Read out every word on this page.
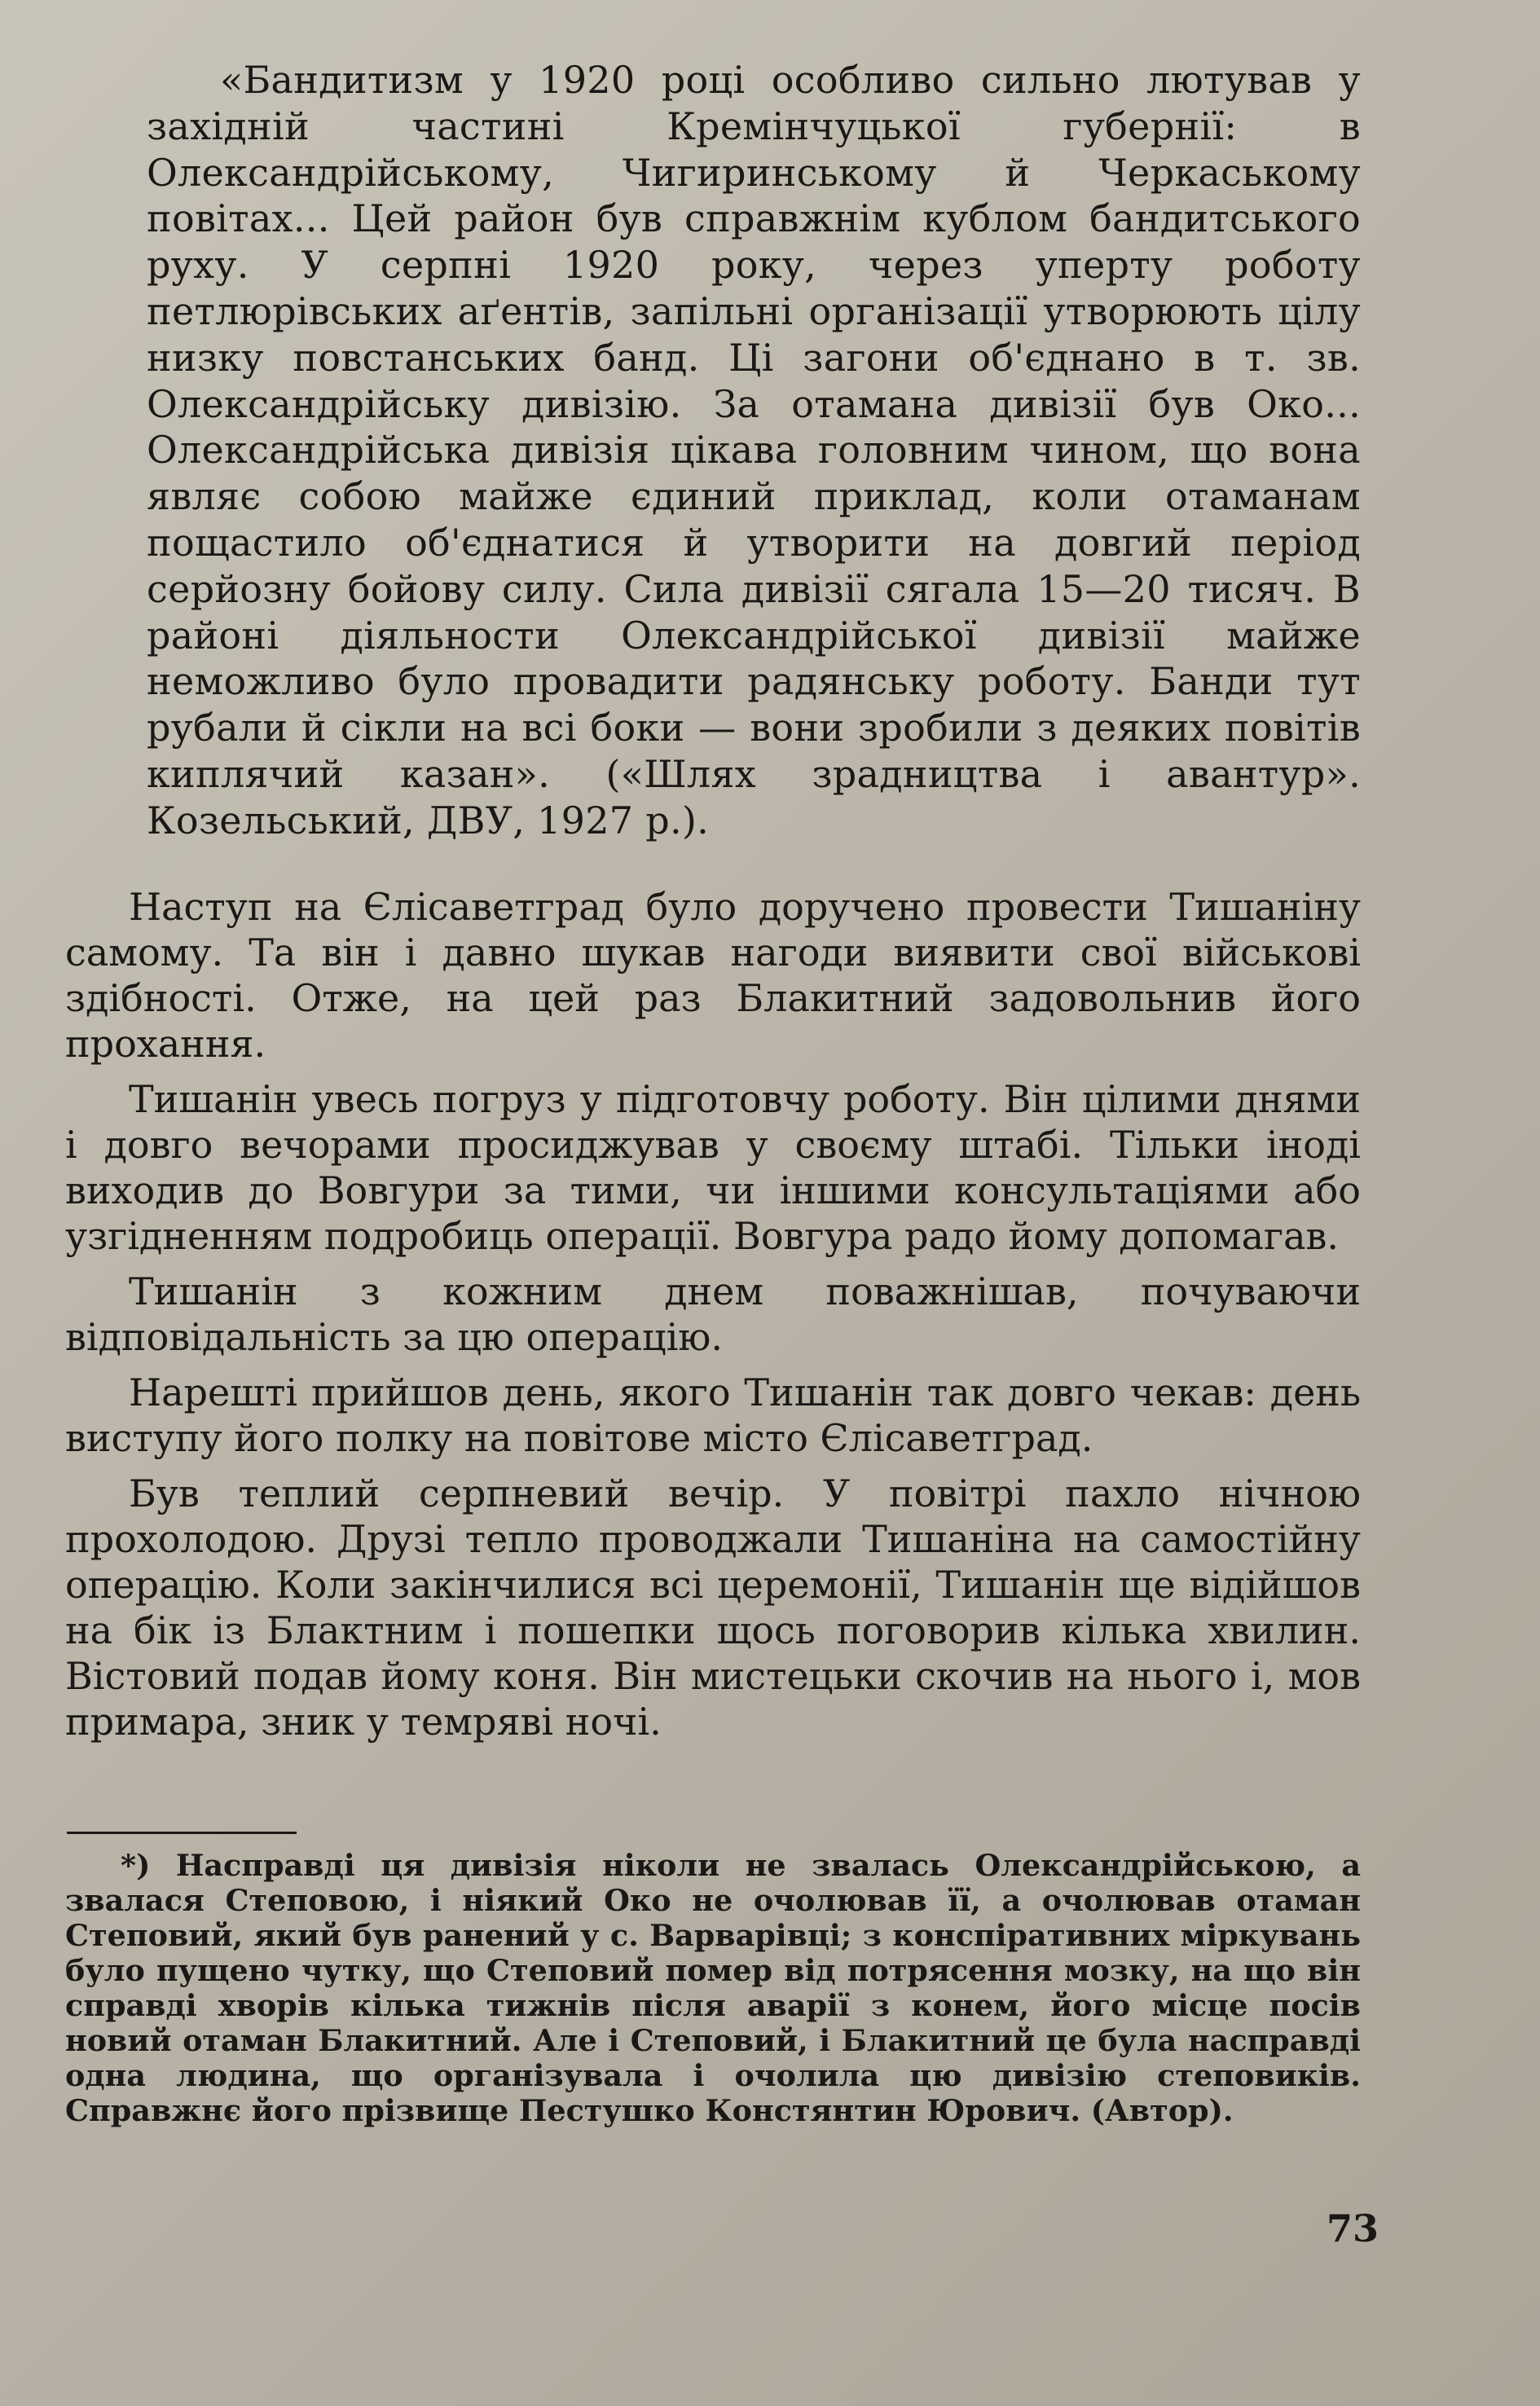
«Бандитизм у 1920 році особливо сильно лютував у західній частині Кремінчуцької губернії: в Олександрійському, Чигиринському й Черкаському повітах... Цей район був справжнім кублом бандитського руху. У серпні 1920 року, через уперту роботу петлюрівських аґентів, запільні організації утворюють цілу низку повстанських банд. Ці загони об'єднано в т. зв. Олександрійську дивізію. За отамана дивізії був Око... Олександрійська дивізія цікава головним чином, що вона являє собою майже єдиний приклад, коли отаманам пощастило об'єднатися й утворити на довгий період серйозну бойову силу. Сила дивізії сягала 15—20 тисяч. В районі діяльности Олександрійської дивізії майже неможливо було провадити радянську роботу. Банди тут рубали й сікли на всі боки — вони зробили з деяких повітів киплячий казан». («Шлях зрадництва і авантур». Козельський, ДВУ, 1927 р.).

Наступ на Єлісаветград було доручено провести Тишаніну самому. Та він і давно шукав нагоди виявити свої військові здібності. Отже, на цей раз Блакитний задовольнив його прохання.

Тишанін увесь погруз у підготовчу роботу. Він цілими днями і довго вечорами просиджував у своєму штабі. Тільки іноді виходив до Вовгури за тими, чи іншими консультаціями або узгідненням подробиць операції. Вовгура радо йому допомагав.

Тишанін з кожним днем поважнішав, почуваючи відповідальність за цю операцію.

Нарешті прийшов день, якого Тишанін так довго чекав: день виступу його полку на повітове місто Єлісаветград.

Був теплий серпневий вечір. У повітрі пахло нічною прохолодою. Друзі тепло проводжали Тишаніна на самостійну операцію. Коли закінчилися всі церемонії, Тишанін ще відійшов на бік із Блактним і пошепки щось поговорив кілька хвилин. Вістовий подав йому коня. Він мистецьки скочив на нього і, мов примара, зник у темряві ночі.

*) Насправді ця дивізія ніколи не звалась Олександрійською, а звалася Степовою, і ніякий Око не очолював її, а очолював отаман Степовий, який був ранений у с. Варварівці; з конспіративних міркувань було пущено чутку, що Степовий помер від потрясення мозку, на що він справді хворів кілька тижнів після аварії з конем, його місце посів новий отаман Блакитний. Але і Степовий, і Блакитний це була насправді одна людина, що організувала і очолила цю дивізію степовиків. Справжнє його прізвище Пестушко Констянтин Юрович. (Автор).

73
